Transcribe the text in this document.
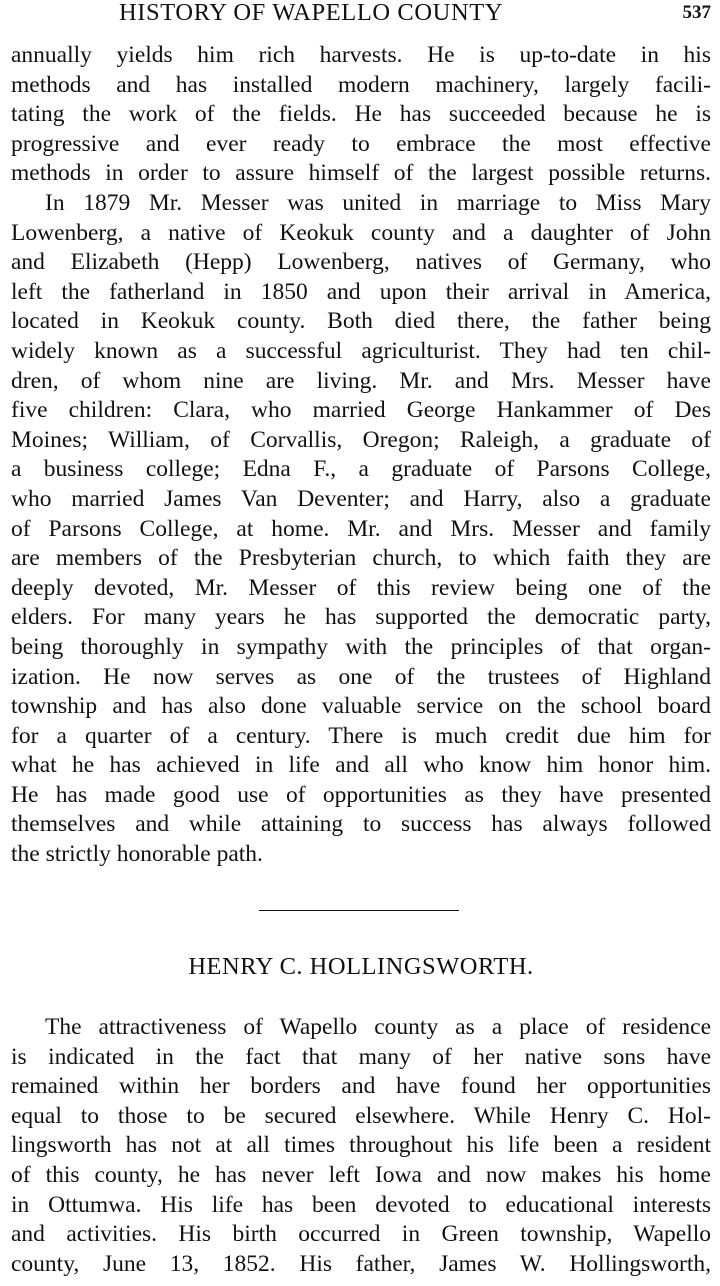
HISTORY OF WAPELLO COUNTY	537

annually yields him rich harvests. He is up-to-date in his
methods and has installed modern machinery, largely facili-
tating the work of the fields. He has succeeded because he is
progressive and ever ready to embrace the most effective
methods in order to assure himself of the largest possible returns.

In 1879 Mr. Messer was united in marriage to Miss Mary
Lowenberg, a native of Keokuk county and a daughter of John
and Elizabeth (Hepp) Lowenberg, natives of Germany, who
left the fatherland in 1850 and upon their arrival in America,
located in Keokuk county. Both died there, the father being
widely known as a successful agriculturist. They had ten chil-
dren, of whom nine are living. Mr. and Mrs. Messer have
five children: Clara, who married George Hankammer of Des
Moines; William, of Corvallis, Oregon; Raleigh, a graduate of
a business college; Edna F., a graduate of Parsons College,
who married James Van Deventer; and Harry, also a graduate
of Parsons College, at home. Mr. and Mrs. Messer and family
are members of the Presbyterian church, to which faith they are
deeply devoted, Mr. Messer of this review being one of the
elders. For many years he has supported the democratic party,
being thoroughly in sympathy with the principles of that organ-
ization. He now serves as one of the trustees of Highland
township and has also done valuable service on the school board
for a quarter of a century. There is much credit due him for
what he has achieved in life and all who know him honor him.
He has made good use of opportunities as they have presented
themselves and while attaining to success has always followed
the strictly honorable path.

HENRY C. HOLLINGSWORTH.

The attractiveness of Wapello county as a place of residence
is indicated in the fact that many of her native sons have
remained within her borders and have found her opportunities
equal to those to be secured elsewhere. While Henry C. Hol-
lingsworth has not at all times throughout his life been a resident
of this county, he has never left Iowa and now makes his home
in Ottumwa. His life has been devoted to educational interests
and activities. His birth occurred in Green township, Wapello
county, June 13, 1852. His father, James W. Hollingsworth,
